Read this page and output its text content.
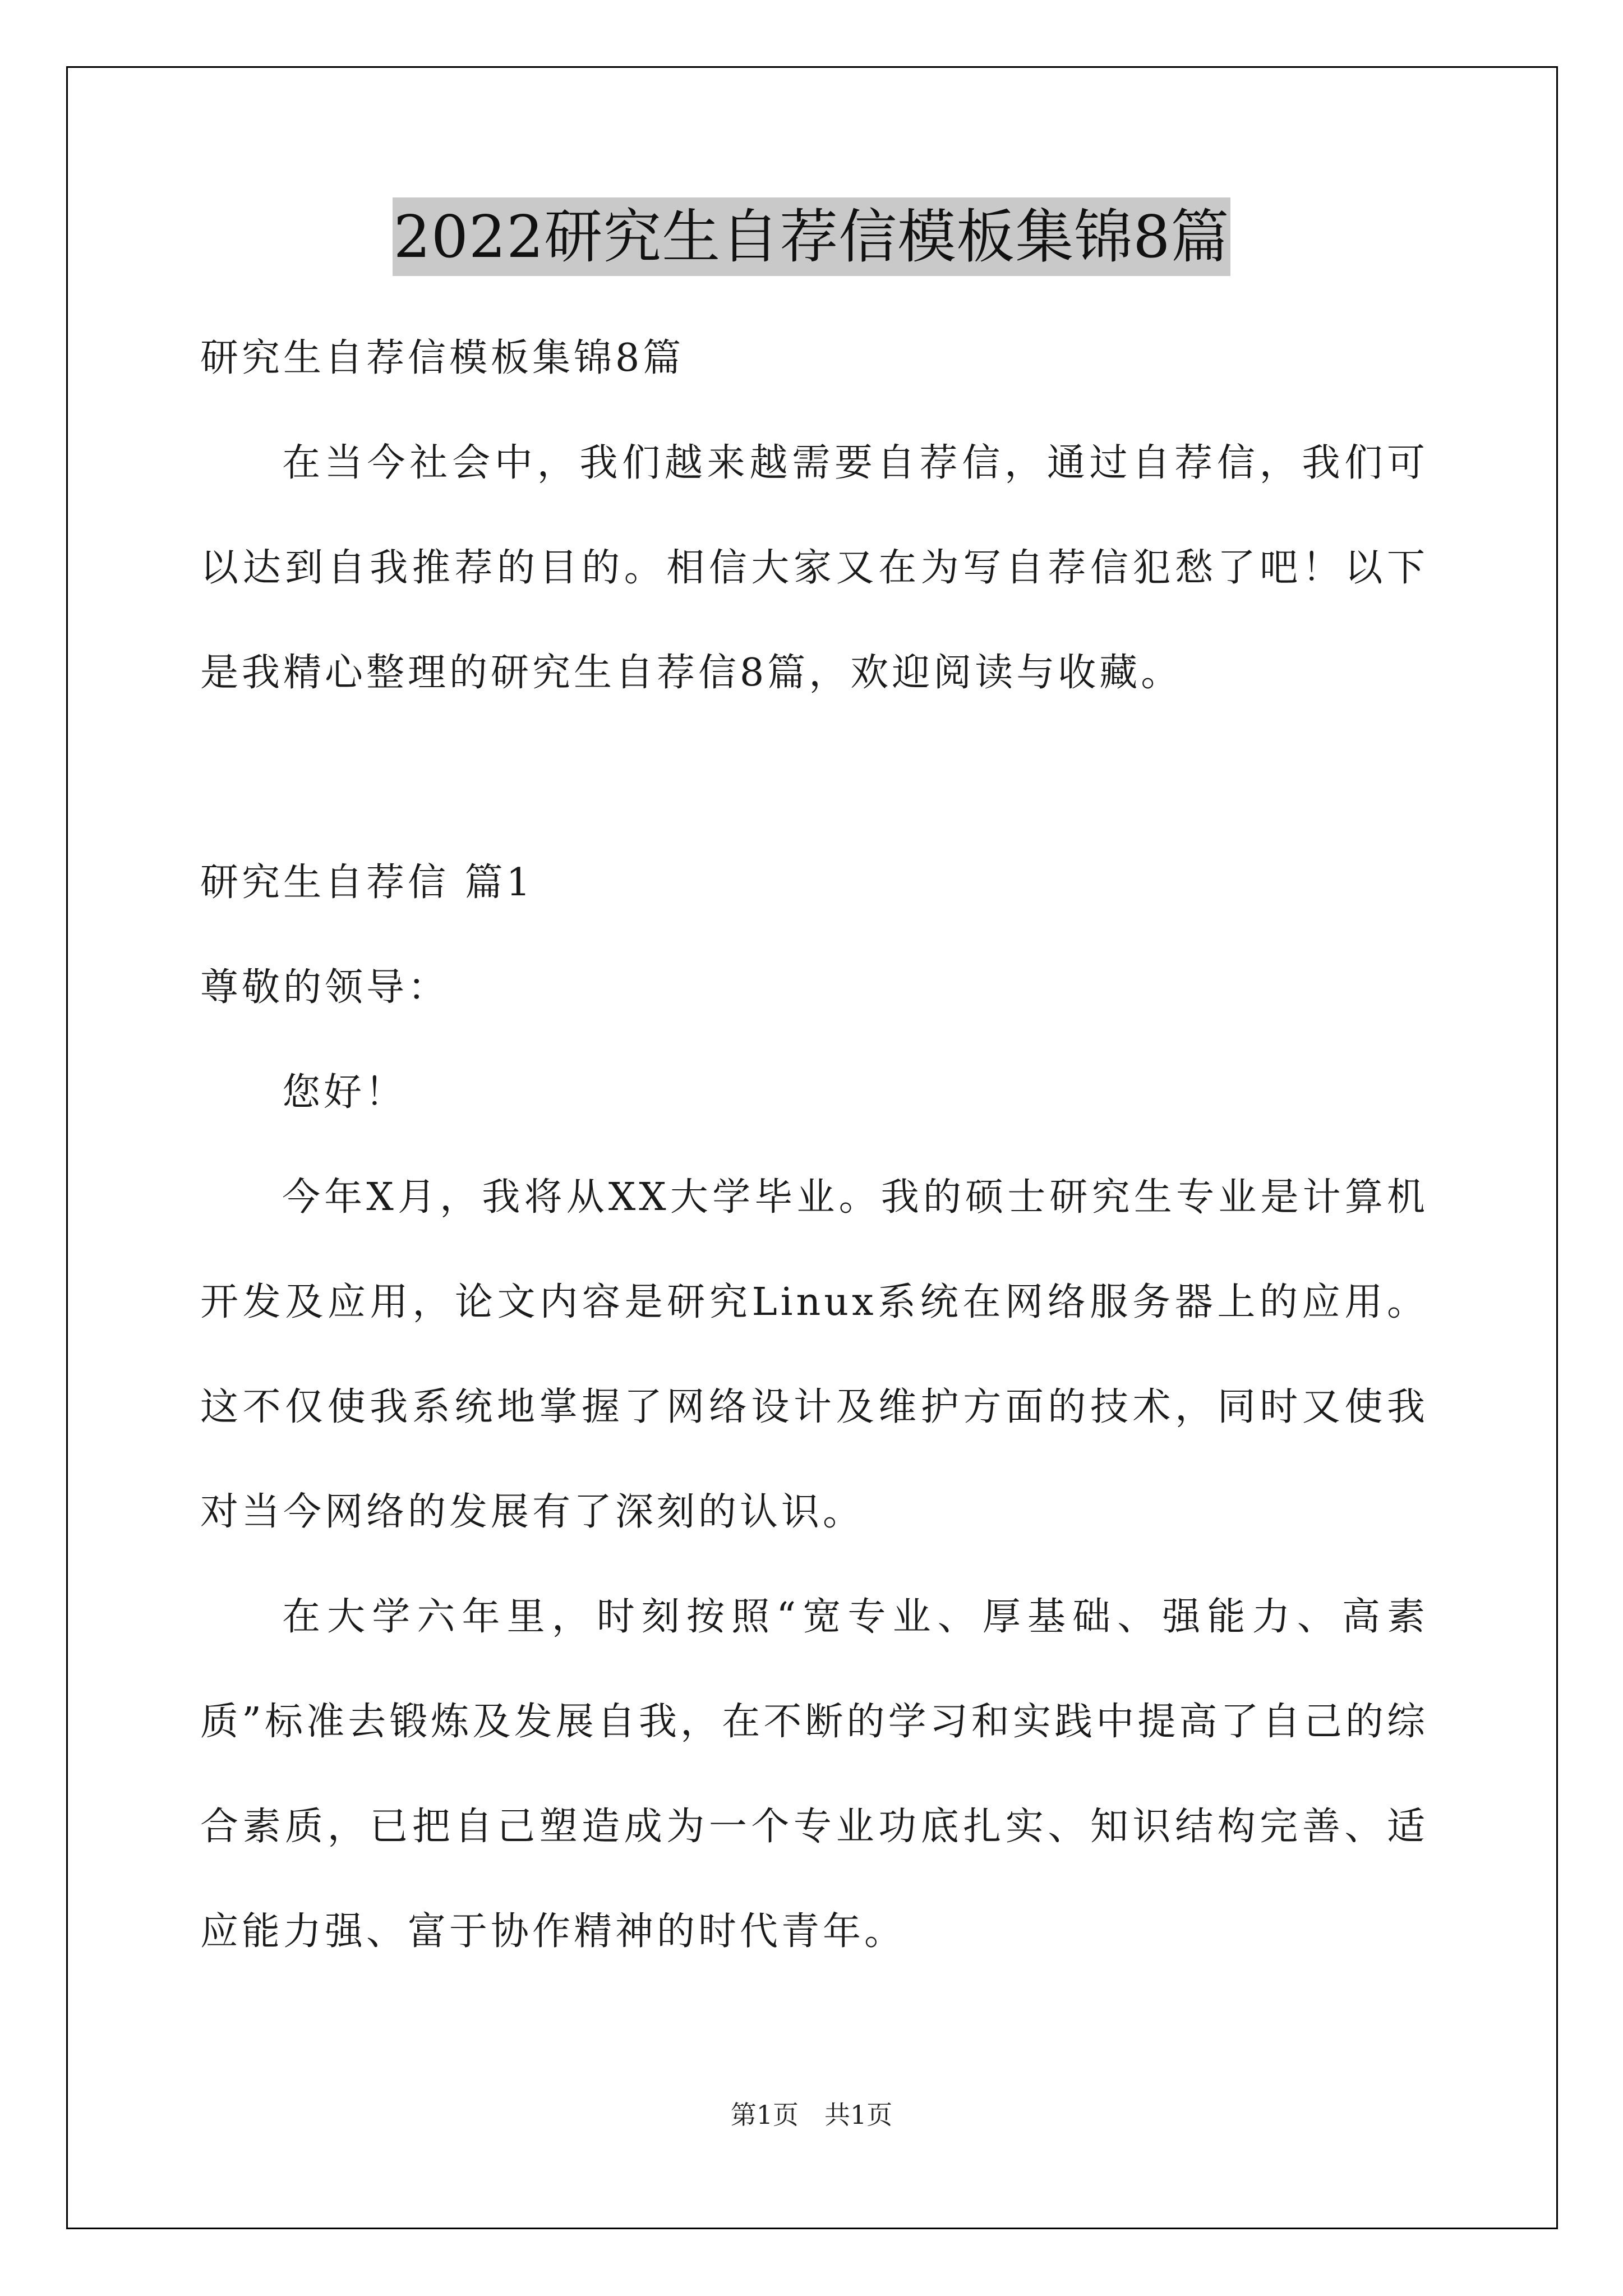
2022研究生自荐信模板集锦8篇
研究生自荐信模板集锦8篇
在当今社会中，我们越来越需要自荐信，通过自荐信，我们可以达到自我推荐的目的。相信大家又在为写自荐信犯愁了吧！以下是我精心整理的研究生自荐信8篇，欢迎阅读与收藏。
研究生自荐信 篇1
尊敬的领导：
您好！
今年X月，我将从XX大学毕业。我的硕士研究生专业是计算机开发及应用，论文内容是研究Linux系统在网络服务器上的应用。这不仅使我系统地掌握了网络设计及维护方面的技术，同时又使我对当今网络的发展有了深刻的认识。
在大学六年里，时刻按照“宽专业、厚基础、强能力、高素质”标准去锻炼及发展自我，在不断的学习和实践中提高了自己的综合素质，已把自己塑造成为一个专业功底扎实、知识结构完善、适应能力强、富于协作精神的时代青年。
第1页　共1页
